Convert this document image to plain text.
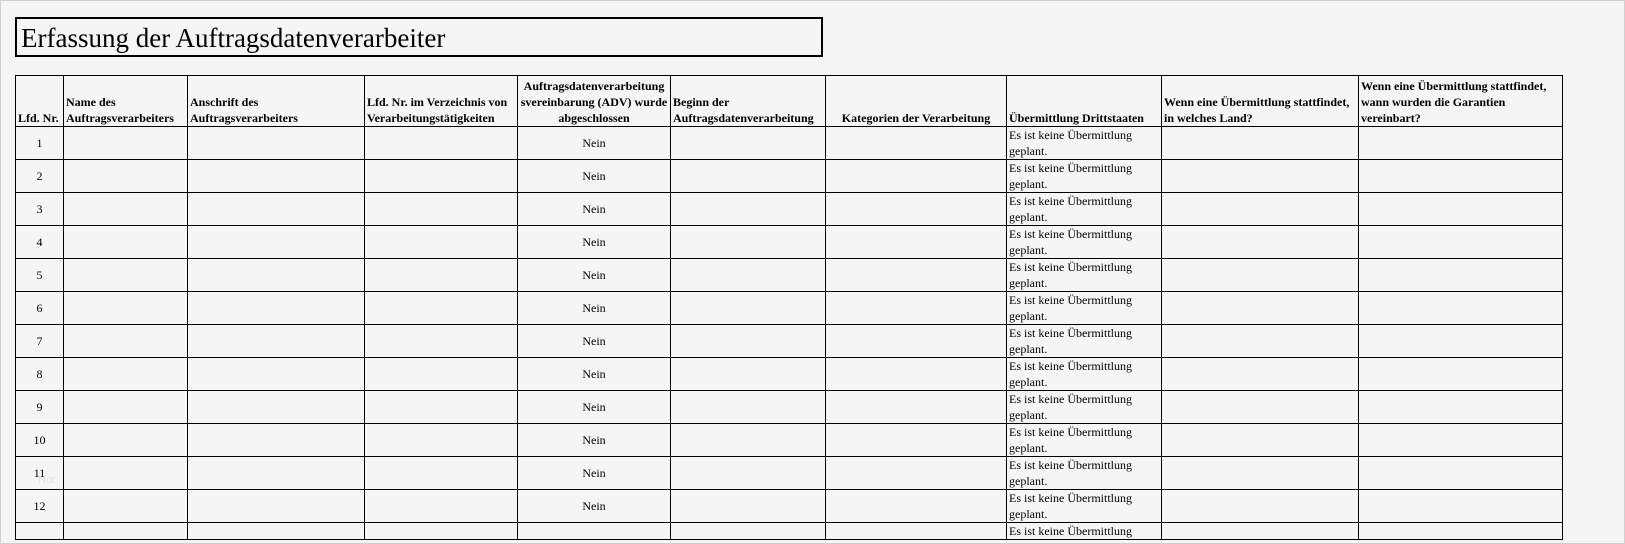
Erfassung der Auftragsdatenverarbeiter
Lfd. Nr.	Name des Auftragsverarbeiters	Anschrift des Auftragsverarbeiters	Lfd. Nr. im Verzeichnis von Verarbeitungstätigkeiten	Auftragsdatenverarbeitung svereinbarung (ADV) wurde abgeschlossen	Beginn der Auftragsdatenverarbeitung	Kategorien der Verarbeitung	Übermittlung Drittstaaten	Wenn eine Übermittlung stattfindet, in welches Land?	Wenn eine Übermittlung stattfindet, wann wurden die Garantien vereinbart?
1				Nein			Es ist keine Übermittlung geplant.		
2				Nein			Es ist keine Übermittlung geplant.		
3				Nein			Es ist keine Übermittlung geplant.		
4				Nein			Es ist keine Übermittlung geplant.		
5				Nein			Es ist keine Übermittlung geplant.		
6				Nein			Es ist keine Übermittlung geplant.		
7				Nein			Es ist keine Übermittlung geplant.		
8				Nein			Es ist keine Übermittlung geplant.		
9				Nein			Es ist keine Übermittlung geplant.		
10				Nein			Es ist keine Übermittlung geplant.		
11				Nein			Es ist keine Übermittlung geplant.		
12				Nein			Es ist keine Übermittlung geplant.		
							Es ist keine Übermittlung		
Nor
